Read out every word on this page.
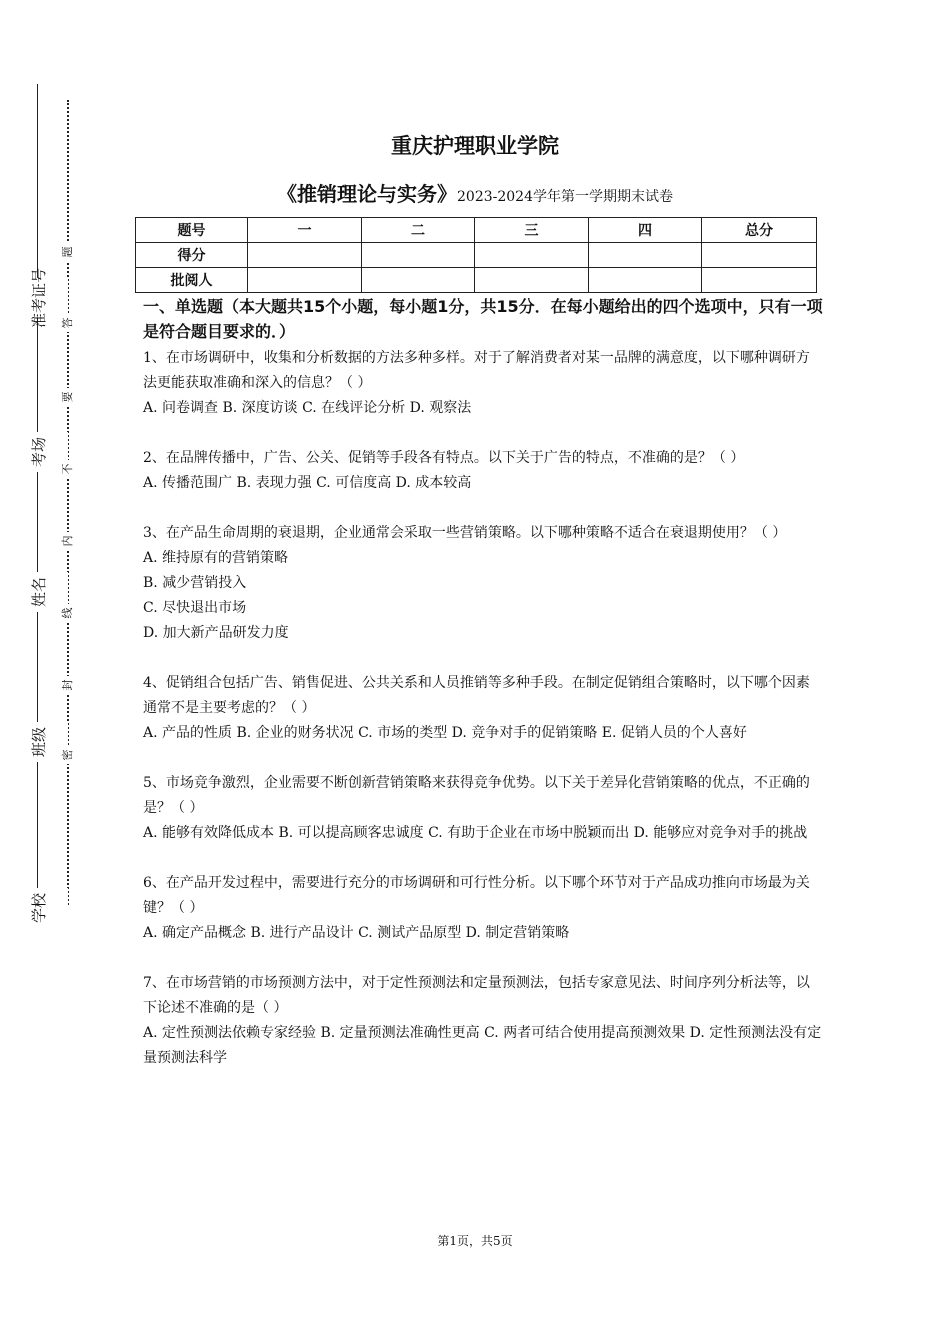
准考证号
考场
姓名
班级
学校
题
答
要
不
内
线
封
密
重庆护理职业学院
《推销理论与实务》2023-2024学年第一学期期末试卷
题号	一	二	三	四	总分
得分					
批阅人					

一、单选题（本大题共15个小题，每小题1分，共15分．在每小题给出的四个选项中，只有一项是符合题目要求的．）

1、在市场调研中，收集和分析数据的方法多种多样。对于了解消费者对某一品牌的满意度，以下哪种调研方法更能获取准确和深入的信息？（ ）

A. 问卷调查 B. 深度访谈 C. 在线评论分析 D. 观察法

2、在品牌传播中，广告、公关、促销等手段各有特点。以下关于广告的特点，不准确的是？（ ）

A. 传播范围广 B. 表现力强 C. 可信度高 D. 成本较高

3、在产品生命周期的衰退期，企业通常会采取一些营销策略。以下哪种策略不适合在衰退期使用？（ ）

A. 维持原有的营销策略

B. 减少营销投入

C. 尽快退出市场

D. 加大新产品研发力度

4、促销组合包括广告、销售促进、公共关系和人员推销等多种手段。在制定促销组合策略时，以下哪个因素通常不是主要考虑的？（ ）

A. 产品的性质 B. 企业的财务状况 C. 市场的类型 D. 竞争对手的促销策略 E. 促销人员的个人喜好

5、市场竞争激烈，企业需要不断创新营销策略来获得竞争优势。以下关于差异化营销策略的优点，不正确的是？（ ）

A. 能够有效降低成本 B. 可以提高顾客忠诚度 C. 有助于企业在市场中脱颖而出 D. 能够应对竞争对手的挑战

6、在产品开发过程中，需要进行充分的市场调研和可行性分析。以下哪个环节对于产品成功推向市场最为关键？（ ）

A. 确定产品概念 B. 进行产品设计 C. 测试产品原型 D. 制定营销策略

7、在市场营销的市场预测方法中，对于定性预测法和定量预测法，包括专家意见法、时间序列分析法等，以下论述不准确的是（ ）

A. 定性预测法依赖专家经验 B. 定量预测法准确性更高 C. 两者可结合使用提高预测效果 D. 定性预测法没有定量预测法科学

第1页，共5页
